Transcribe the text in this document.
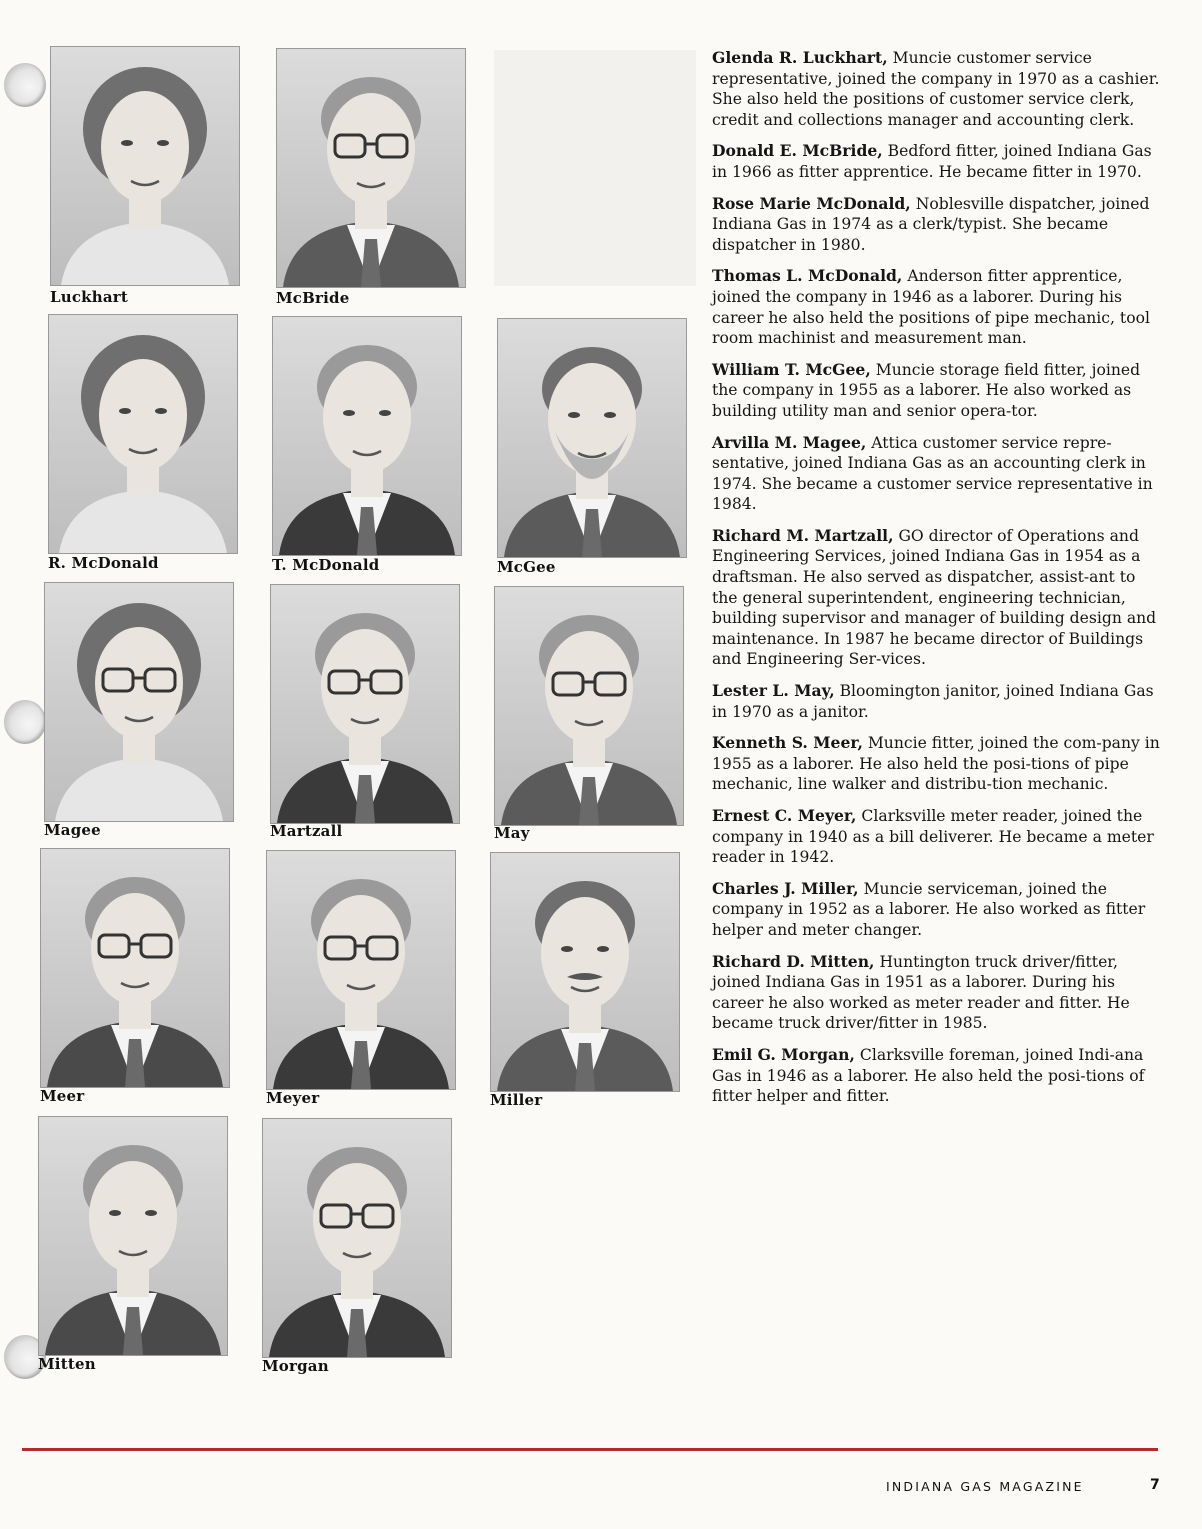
Luckhart	McBride
R. McDonald	T. McDonald	McGee
Magee	Martzall	May
Meer	Meyer	Miller
Mitten	Morgan

Glenda R. Luckhart, Muncie customer service representative, joined the company in 1970 as a cashier. She also held the positions of customer service clerk, credit and collections manager and accounting clerk.

Donald E. McBride, Bedford fitter, joined Indiana Gas in 1966 as fitter apprentice. He became fitter in 1970.

Rose Marie McDonald, Noblesville dispatcher, joined Indiana Gas in 1974 as a clerk/typist. She became dispatcher in 1980.

Thomas L. McDonald, Anderson fitter apprentice, joined the company in 1946 as a laborer. During his career he also held the positions of pipe mechanic, tool room machinist and measurement man.

William T. McGee, Muncie storage field fitter, joined the company in 1955 as a laborer. He also worked as building utility man and senior opera-tor.

Arvilla M. Magee, Attica customer service repre-sentative, joined Indiana Gas as an accounting clerk in 1974. She became a customer service representative in 1984.

Richard M. Martzall, GO director of Operations and Engineering Services, joined Indiana Gas in 1954 as a draftsman. He also served as dispatcher, assist-ant to the general superintendent, engineering technician, building supervisor and manager of building design and maintenance. In 1987 he became director of Buildings and Engineering Ser-vices.

Lester L. May, Bloomington janitor, joined Indiana Gas in 1970 as a janitor.

Kenneth S. Meer, Muncie fitter, joined the com-pany in 1955 as a laborer. He also held the posi-tions of pipe mechanic, line walker and distribu-tion mechanic.

Ernest C. Meyer, Clarksville meter reader, joined the company in 1940 as a bill deliverer. He became a meter reader in 1942.

Charles J. Miller, Muncie serviceman, joined the company in 1952 as a laborer. He also worked as fitter helper and meter changer.

Richard D. Mitten, Huntington truck driver/fitter, joined Indiana Gas in 1951 as a laborer. During his career he also worked as meter reader and fitter. He became truck driver/fitter in 1985.

Emil G. Morgan, Clarksville foreman, joined Indi-ana Gas in 1946 as a laborer. He also held the posi-tions of fitter helper and fitter.

INDIANA GAS MAGAZINE	7
